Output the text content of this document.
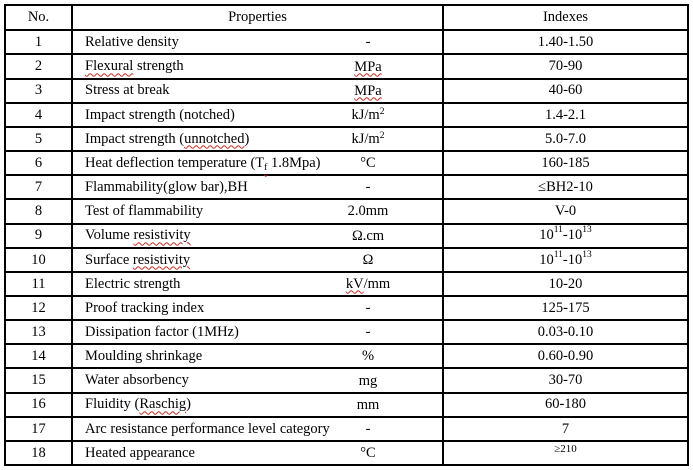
No.	Properties	Indexes
1	Relative density	-	1.40-1.50
2	Flexural strength	MPa	70-90
3	Stress at break	MPa	40-60
4	Impact strength (notched)	$kJ/m^2$	1.4-2.1
5	Impact strength (unnotched)	$kJ/m^2$	5.0-7.0
6	Heat deflection temperature ($T_f$ 1.8Mpa)	°C	160-185
7	Flammability(glow bar),BH	-	≤BH2-10
8	Test of flammability	2.0mm	V-0
9	Volume resistivity	Ω.cm	10 11 -10 13
10	Surface resistivity	Ω	10 11 -10 13
11	Electric strength	kV/mm	10-20
12	Proof tracking index	-	125-175
13	Dissipation factor (1MHz)	-	0.03-0.10
14	Moulding shrinkage	%	0.60-0.90
15	Water absorbency	mg	30-70
16	Fluidity (Raschig)	mm	60-180
17	Arc resistance performance level category	-	7
18	Heated appearance	°C	≥210
